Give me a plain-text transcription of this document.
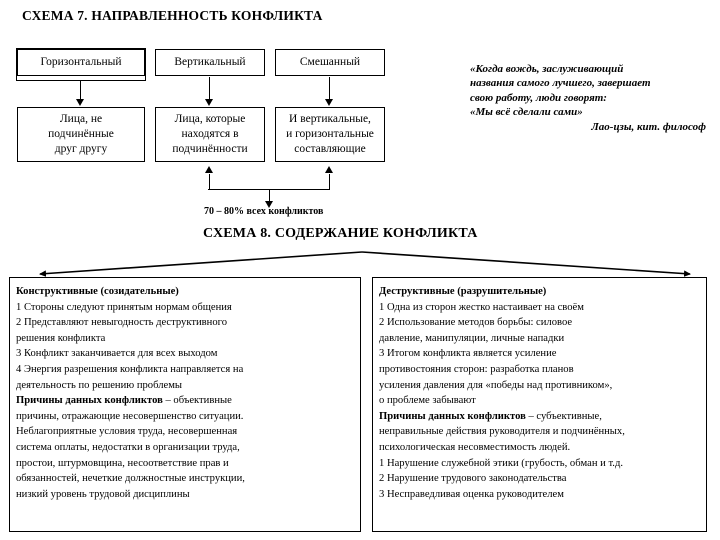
СХЕМА 7. НАПРАВЛЕННОСТЬ КОНФЛИКТА
Горизонтальный	Вертикальный	Смешанный
Лица, не
подчинённые
друг другу
Лица, которые
находятся в
подчинённости
И вертикальные,
и горизонтальные
составляющие
70 – 80% всех конфликтов
«Когда вождь, заслуживающий
названия самого лучшего, завершает
свою работу, люди говорят:
«Мы всё сделали сами»
Лао-цзы, кит. философ
СХЕМА 8. СОДЕРЖАНИЕ КОНФЛИКТА
Конструктивные (созидательные)
1 Стороны следуют принятым нормам общения
2 Представляют невыгодность деструктивного
решения конфликта
3 Конфликт заканчивается для всех выходом
4 Энергия разрешения конфликта направляется на
деятельность по решению проблемы
Причины данных конфликтов – объективные
причины, отражающие несовершенство ситуации.
Неблагоприятные условия труда, несовершенная
система оплаты, недостатки в организации труда,
простои, штурмовщина, несоответствие прав и
обязанностей, нечеткие должностные инструкции,
низкий уровень трудовой дисциплины
Деструктивные (разрушительные)
1 Одна из сторон жестко настаивает на своём
2 Использование методов борьбы: силовое
давление, манипуляции, личные нападки
3 Итогом конфликта является усиление
противостояния сторон: разработка планов
усиления давления для «победы над противником»,
о проблеме забывают
Причины данных конфликтов – субъективные,
неправильные действия руководителя и подчинённых,
психологическая несовместимость людей.
1 Нарушение служебной этики (грубость, обман и т.д.
2 Нарушение трудового законодательства
3 Несправедливая оценка руководителем
